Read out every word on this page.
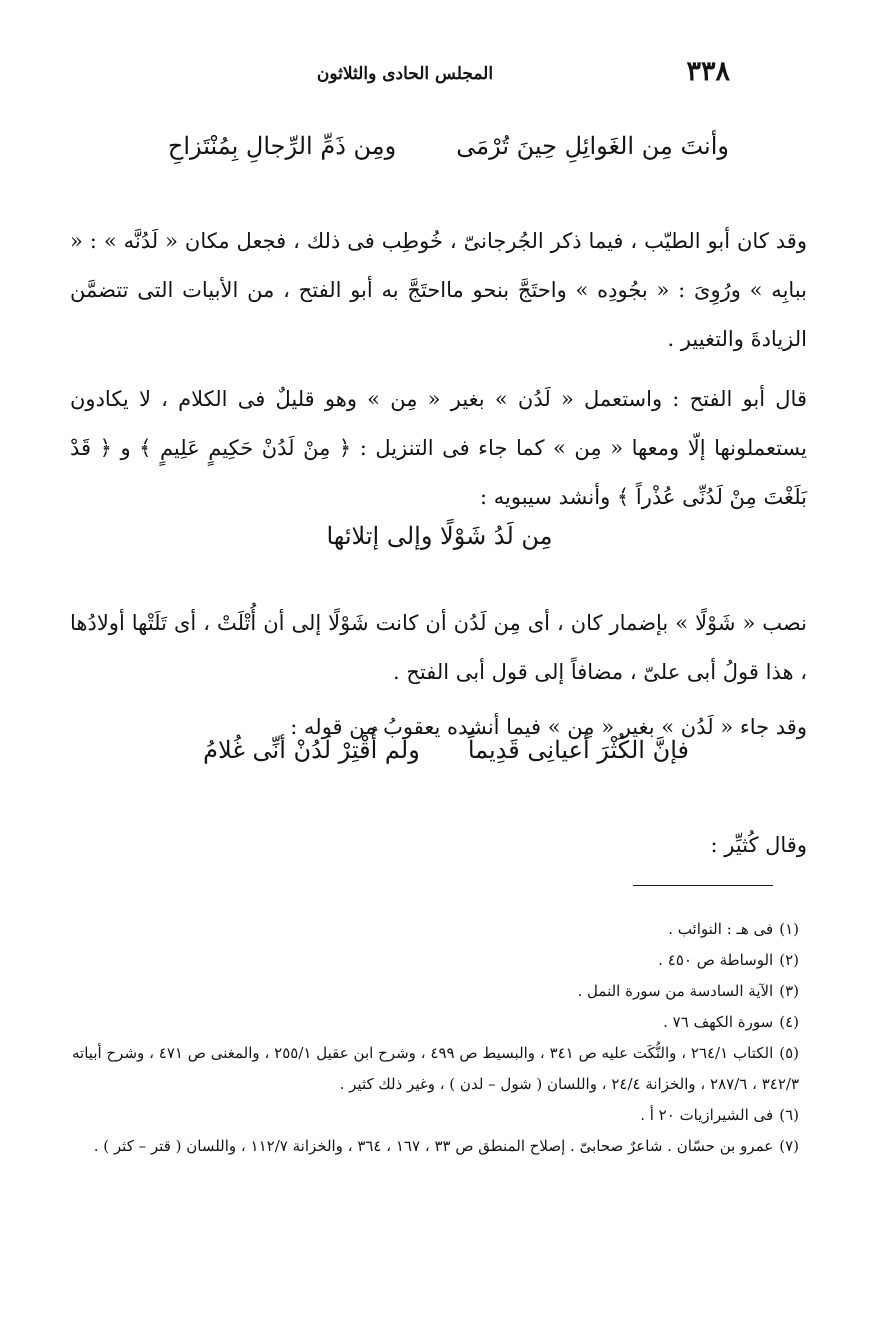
٣٣٨
المجلس الحادى والثلاثون
وأنتَ مِن الغَوائِلِ حِينَ تُرْمَى
ومِن ذَمِّ الرِّجالِ بِمُنْتَزاحِ

وقد كان أبو الطيّب ، فيما ذكر الجُرجانىّ ، خُوطِب فى ذلك ، فجعل مكان « لَدُنَّه » : « ببابِه » ورُوِىَ : « بجُودِه » واحتَجَّ بنحو مااحتَجَّ به أبو الفتح ، من الأبيات التى تتضمَّن الزيادةَ والتغيير .

قال أبو الفتح : واستعمل « لَدُن » بغير « مِن » وهو قليلٌ فى الكلام ، لا يكادون يستعملونها إلّا ومعها « مِن » كما جاء فى التنزيل : ﴿ مِنْ لَدُنْ حَكِيمٍ عَلِيمٍ ﴾ و ﴿ قَدْ بَلَغْتَ مِنْ لَدُنِّى عُذْراً ﴾ وأنشد سيبويه :

مِن لَدُ شَوْلًا وإلى إتلائها

نصب « شَوْلًا » بإضمار كان ، أى مِن لَدُن أن كانت شَوْلًا إلى أن أُتْلَتْ ، أى تَلَتْها أولادُها ، هذا قولُ أبى علىّ ، مضافاً إلى قول أبى الفتح .

وقد جاء « لَدُن » بغير « مِن » فيما أنشده يعقوبُ من قوله :

فإنَّ الكُثْرَ أعيانِى قَدِيماً
ولم أُقْتِرْ لَدُنْ أنِّى غُلامُ

وقال كُثيِّر :

(١)فى هـ : النوائب .

(٢)الوساطة ص ٤٥٠ .

(٣)الآية السادسة من سورة النمل .

(٤)سورة الكهف ٧٦ .

(٥)الكتاب ٢٦٤/١ ، والنُّكَت عليه ص ٣٤١ ، والبسيط ص ٤٩٩ ، وشرح ابن عقيل ٢٥٥/١ ، والمغنى ص ٤٧١ ، وشرح أبياته ٣٤٢/٣ ، ٢٨٧/٦ ، والخزانة ٢٤/٤ ، واللسان ( شول – لدن ) ، وغير ذلك كثير .

(٦)فى الشيرازيات ٢٠ أ .

(٧)عمرو بن حسّان . شاعرٌ صحابىّ . إصلاح المنطق ص ٣٣ ، ١٦٧ ، ٣٦٤ ، والخزانة ١١٢/٧ ، واللسان ( قتر – كثر ) .
